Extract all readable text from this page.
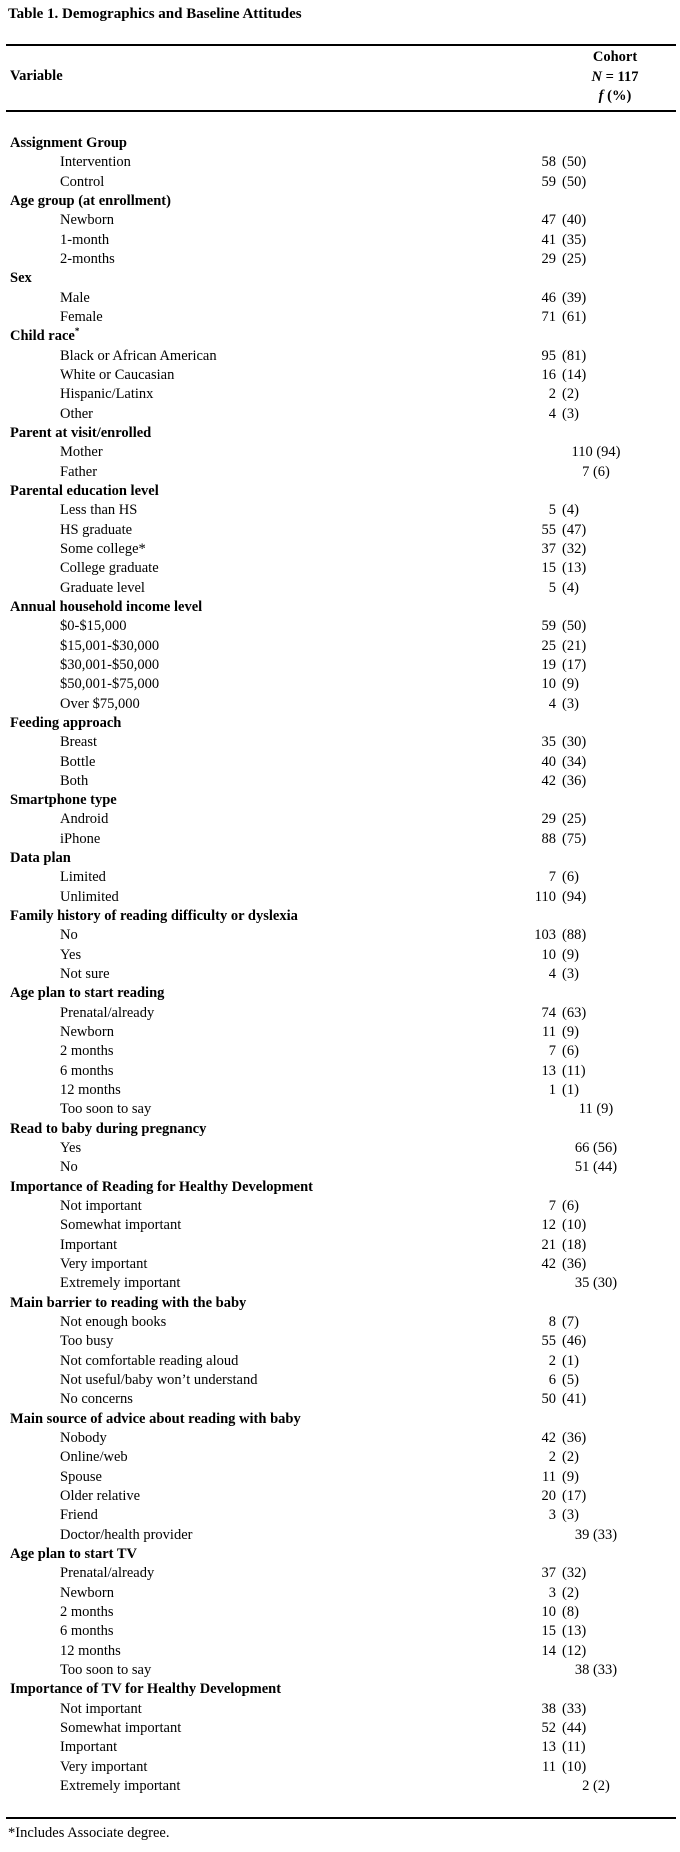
Table 1. Demographics and Baseline Attitudes
Variable
Cohort
N = 117
f (%)
Assignment Group
Intervention	58 (50)
Control	59 (50)
Age group (at enrollment)
Newborn	47 (40)
1-month	41 (35)
2-months	29 (25)
Sex
Male	46 (39)
Female	71 (61)
Child race*
Black or African American	95 (81)
White or Caucasian	16 (14)
Hispanic/Latinx	2 (2)
Other	4 (3)
Parent at visit/enrolled
Mother	110 (94)
Father	7 (6)
Parental education level
Less than HS	5 (4)
HS graduate	55 (47)
Some college*	37 (32)
College graduate	15 (13)
Graduate level	5 (4)
Annual household income level
$0-$15,000	59 (50)
$15,001-$30,000	25 (21)
$30,001-$50,000	19 (17)
$50,001-$75,000	10 (9)
Over $75,000	4 (3)
Feeding approach
Breast	35 (30)
Bottle	40 (34)
Both	42 (36)
Smartphone type
Android	29 (25)
iPhone	88 (75)
Data plan
Limited	7 (6)
Unlimited	110 (94)
Family history of reading difficulty or dyslexia
No	103 (88)
Yes	10 (9)
Not sure	4 (3)
Age plan to start reading
Prenatal/already	74 (63)
Newborn	11 (9)
2 months	7 (6)
6 months	13 (11)
12 months	1 (1)
Too soon to say	11 (9)
Read to baby during pregnancy
Yes	66 (56)
No	51 (44)
Importance of Reading for Healthy Development
Not important	7 (6)
Somewhat important	12 (10)
Important	21 (18)
Very important	42 (36)
Extremely important	35 (30)
Main barrier to reading with the baby
Not enough books	8 (7)
Too busy	55 (46)
Not comfortable reading aloud	2 (1)
Not useful/baby won’t understand	6 (5)
No concerns	50 (41)
Main source of advice about reading with baby
Nobody	42 (36)
Online/web	2 (2)
Spouse	11 (9)
Older relative	20 (17)
Friend	3 (3)
Doctor/health provider	39 (33)
Age plan to start TV
Prenatal/already	37 (32)
Newborn	3 (2)
2 months	10 (8)
6 months	15 (13)
12 months	14 (12)
Too soon to say	38 (33)
Importance of TV for Healthy Development
Not important	38 (33)
Somewhat important	52 (44)
Important	13 (11)
Very important	11 (10)
Extremely important	2 (2)
*Includes Associate degree.
